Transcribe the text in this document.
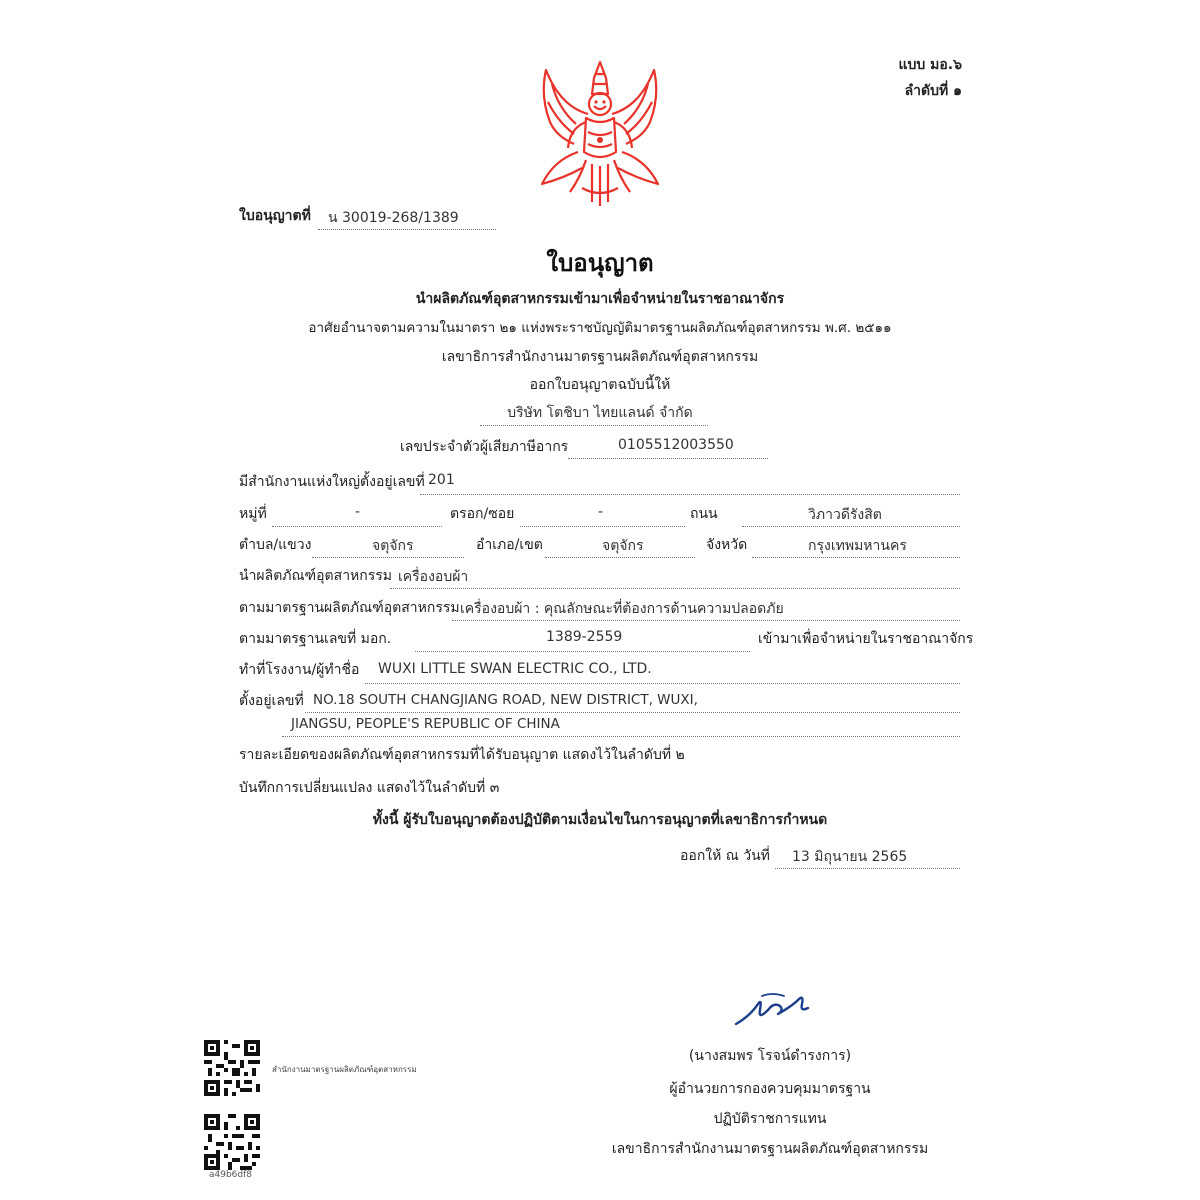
แบบ มอ.๖
ลำดับที่ ๑
ใบอนุญาตที่ น 30019-268/1389
ใบอนุญาต
นำผลิตภัณฑ์อุตสาหกรรมเข้ามาเพื่อจำหน่ายในราชอาณาจักร
อาศัยอำนาจตามความในมาตรา ๒๑ แห่งพระราชบัญญัติมาตรฐานผลิตภัณฑ์อุตสาหกรรม พ.ศ. ๒๕๑๑
เลขาธิการสำนักงานมาตรฐานผลิตภัณฑ์อุตสาหกรรม
ออกใบอนุญาตฉบับนี้ให้
บริษัท โตชิบา ไทยแลนด์ จำกัด
เลขประจำตัวผู้เสียภาษีอากร	0105512003550
มีสำนักงานแห่งใหญ่ตั้งอยู่เลขที่ 201
หมู่ที่	-	ตรอก/ซอย	-	ถนน	วิภาวดีรังสิต
ตำบล/แขวง	จตุจักร	อำเภอ/เขต	จตุจักร	จังหวัด	กรุงเทพมหานคร
นำผลิตภัณฑ์อุตสาหกรรม เครื่องอบผ้า
ตามมาตรฐานผลิตภัณฑ์อุตสาหกรรม เครื่องอบผ้า : คุณลักษณะที่ต้องการด้านความปลอดภัย
ตามมาตรฐานเลขที่ มอก.	1389-2559	เข้ามาเพื่อจำหน่ายในราชอาณาจักร
ทำที่โรงงาน/ผู้ทำชื่อ WUXI LITTLE SWAN ELECTRIC CO., LTD.
ตั้งอยู่เลขที่ NO.18 SOUTH CHANGJIANG ROAD, NEW DISTRICT, WUXI,
JIANGSU, PEOPLE'S REPUBLIC OF CHINA
รายละเอียดของผลิตภัณฑ์อุตสาหกรรมที่ได้รับอนุญาต แสดงไว้ในลำดับที่ ๒
บันทึกการเปลี่ยนแปลง แสดงไว้ในลำดับที่ ๓
ทั้งนี้ ผู้รับใบอนุญาตต้องปฏิบัติตามเงื่อนไขในการอนุญาตที่เลขาธิการกำหนด
ออกให้ ณ วันที่ 13 มิถุนายน 2565
(นางสมพร โรจน์ดำรงการ)
ผู้อำนวยการกองควบคุมมาตรฐาน
ปฏิบัติราชการแทน
เลขาธิการสำนักงานมาตรฐานผลิตภัณฑ์อุตสาหกรรม
สำนักงานมาตรฐานผลิตภัณฑ์อุตสาหกรรม
a49b6df8
